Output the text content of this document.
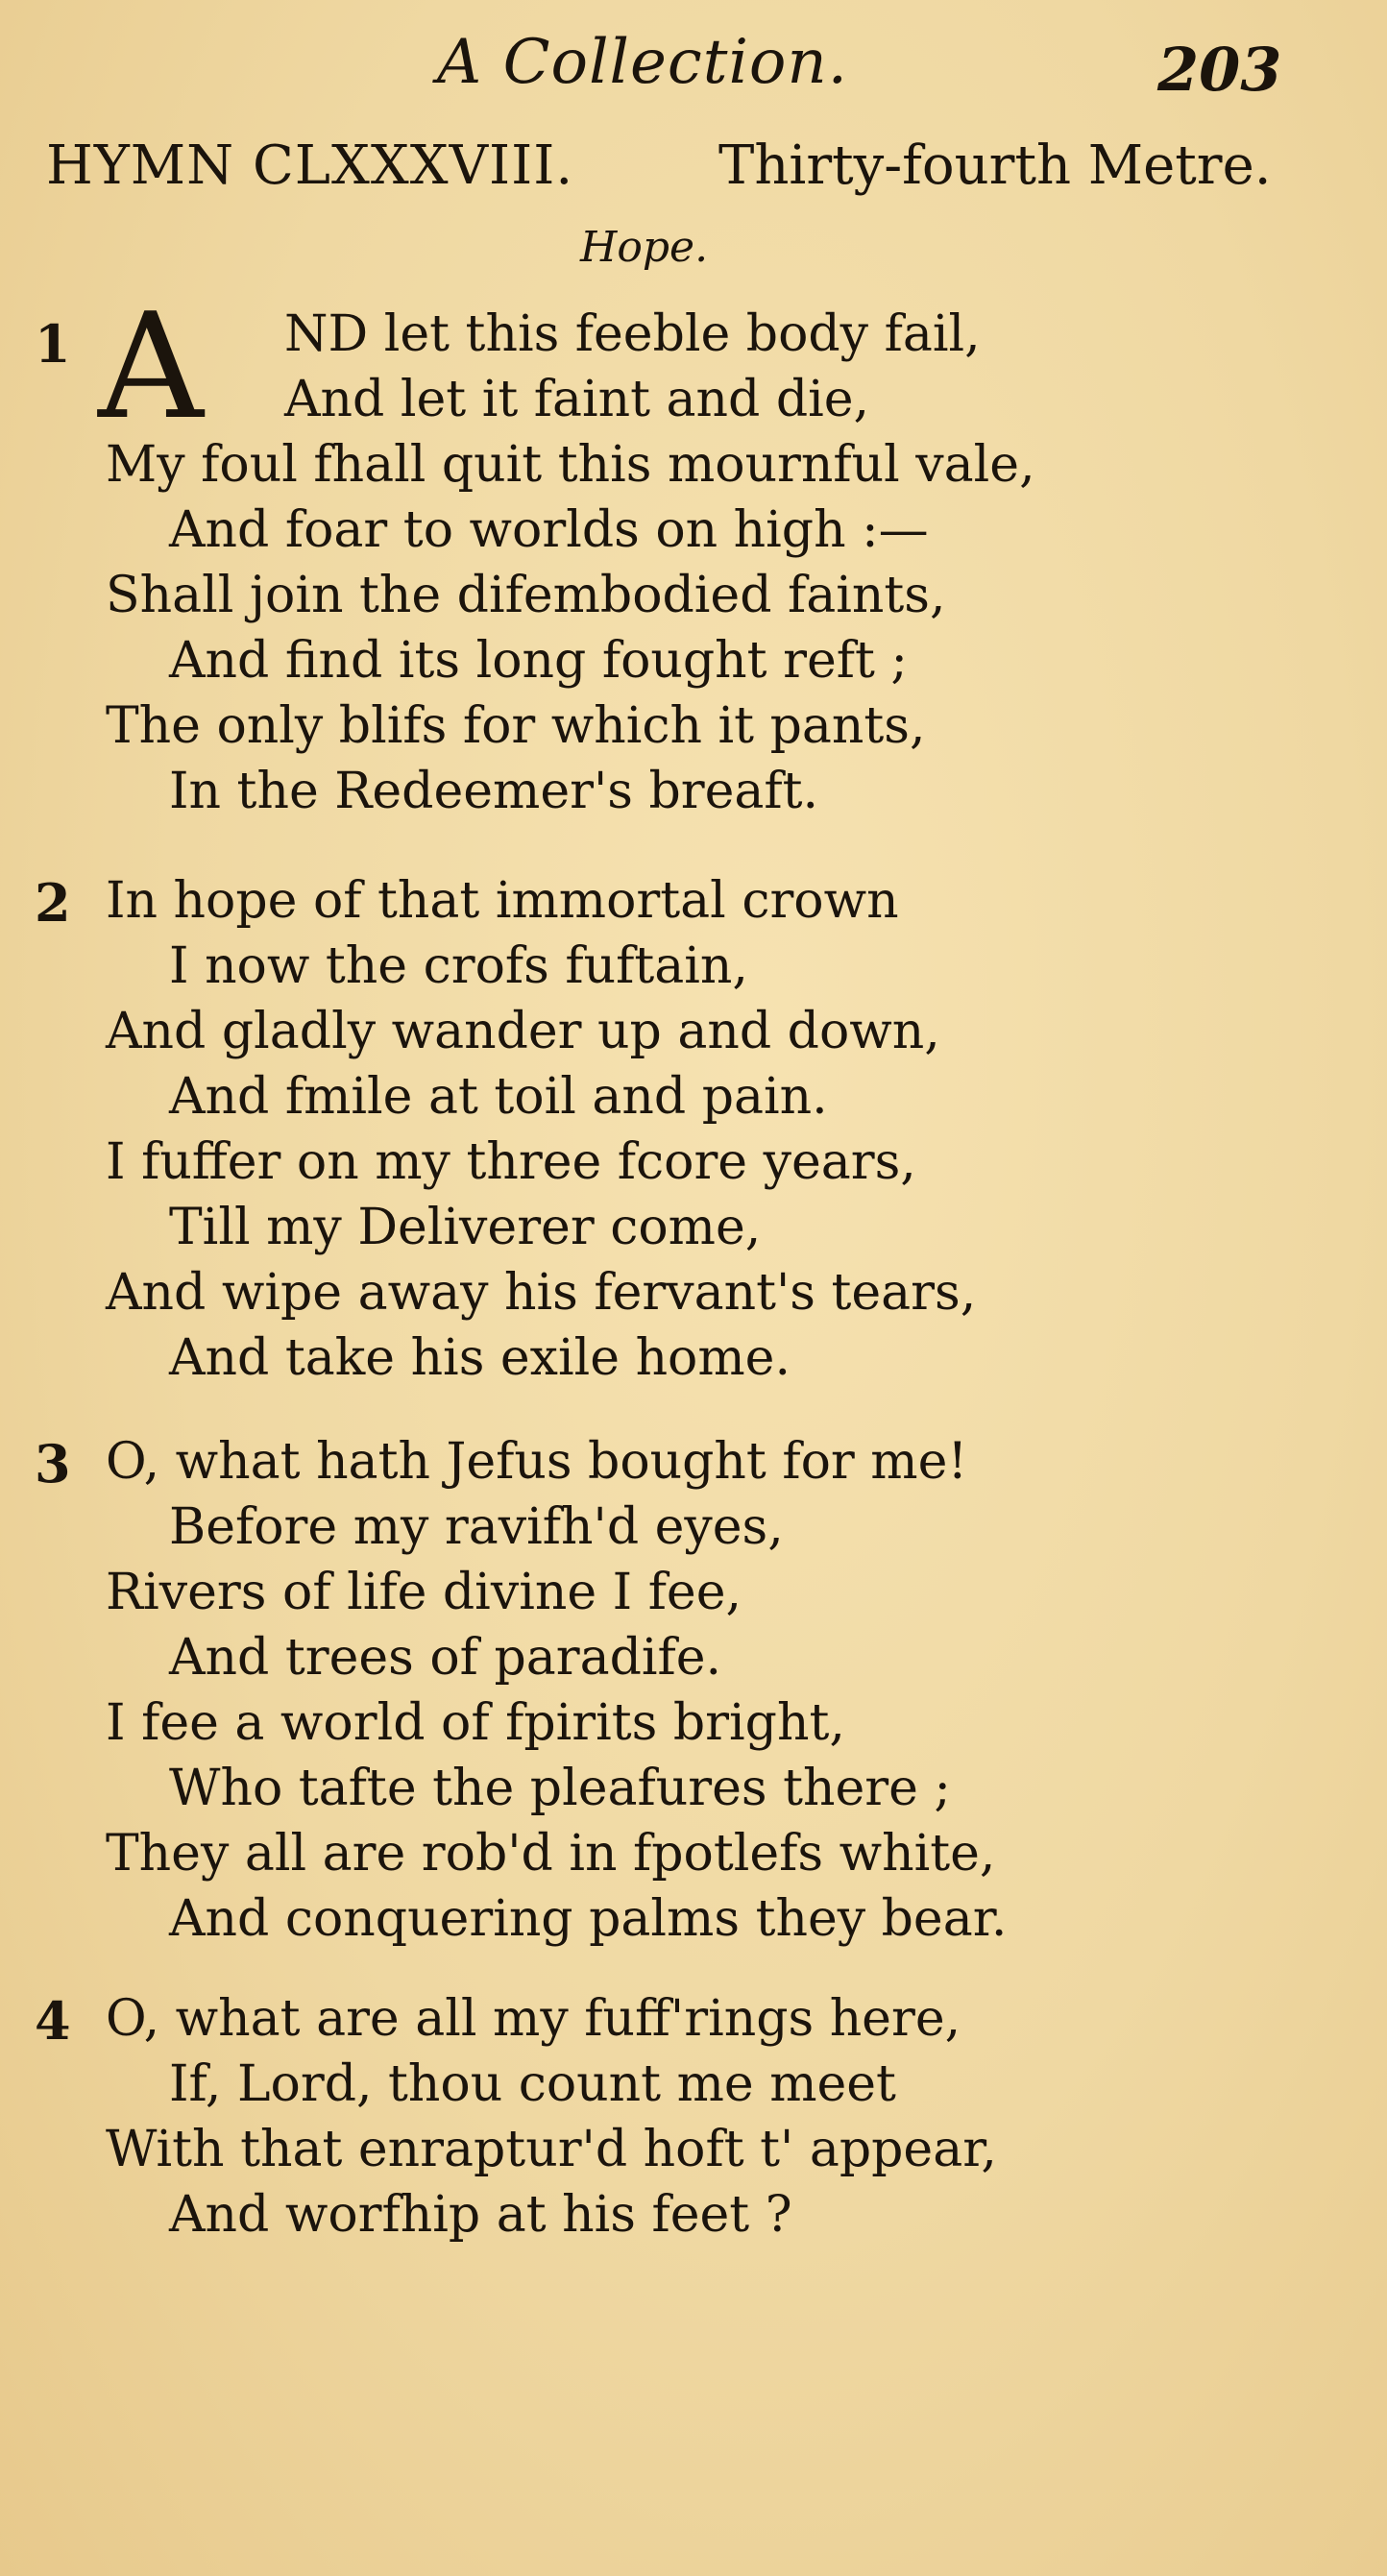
A Collection.	203
HYMN CLXXXVIII.	Thirty-fourth Metre.
Hope.
1 A ND let this feeble body fail,
And let it faint and die,
My foul fhall quit this mournful vale,
And foar to worlds on high :—
Shall join the difembodied faints,
And find its long fought reft ;
The only blifs for which it pants,
In the Redeemer's breaft.
2 In hope of that immortal crown
I now the crofs fuftain,
And gladly wander up and down,
And fmile at toil and pain.
I fuffer on my three fcore years,
Till my Deliverer come,
And wipe away his fervant's tears,
And take his exile home.
3 O, what hath Jefus bought for me!
Before my ravifh'd eyes,
Rivers of life divine I fee,
And trees of paradife.
I fee a world of fpirits bright,
Who tafte the pleafures there ;
They all are rob'd in fpotlefs white,
And conquering palms they bear.
4 O, what are all my fuff'rings here,
If, Lord, thou count me meet
With that enraptur'd hoft t' appear,
And worfhip at his feet ?
